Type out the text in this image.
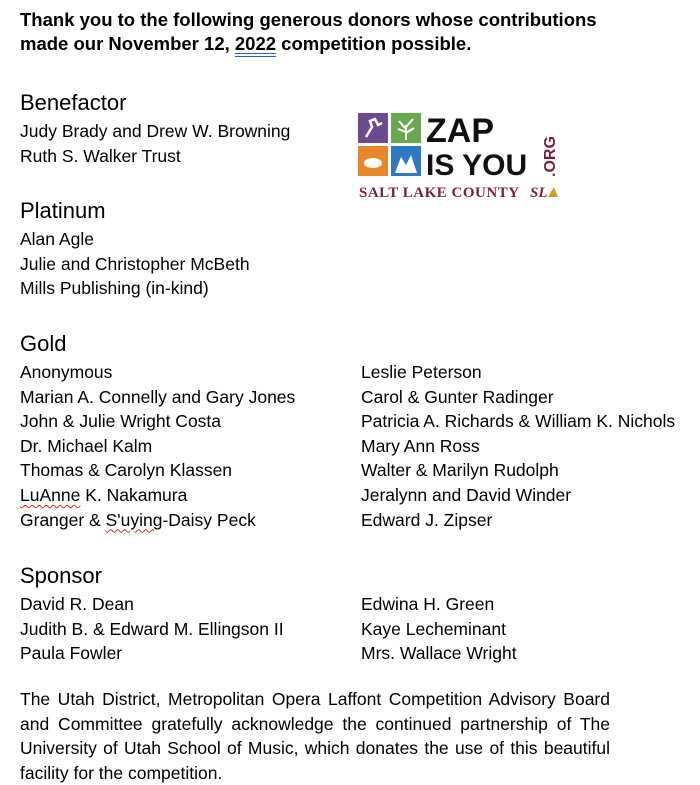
Thank you to the following generous donors whose contributions
made our November 12, 2022 competition possible.
Benefactor
Judy Brady and Drew W. Browning
Ruth S. Walker Trust
ZAP
IS YOU .ORG
SALT LAKE COUNTY SL
Platinum
Alan Agle
Julie and Christopher McBeth
Mills Publishing (in-kind)
Gold
Anonymous
Marian A. Connelly and Gary Jones
John & Julie Wright Costa
Dr. Michael Kalm
Thomas & Carolyn Klassen
LuAnne K. Nakamura
Granger & S'uying-Daisy Peck
Leslie Peterson
Carol & Gunter Radinger
Patricia A. Richards & William K. Nichols
Mary Ann Ross
Walter & Marilyn Rudolph
Jeralynn and David Winder
Edward J. Zipser
Sponsor
David R. Dean
Judith B. & Edward M. Ellingson II
Paula Fowler
Edwina H. Green
Kaye Lecheminant
Mrs. Wallace Wright
The Utah District, Metropolitan Opera Laffont Competition Advisory Board and Committee gratefully acknowledge the continued partnership of The University of Utah School of Music, which donates the use of this beautiful facility for the competition.
